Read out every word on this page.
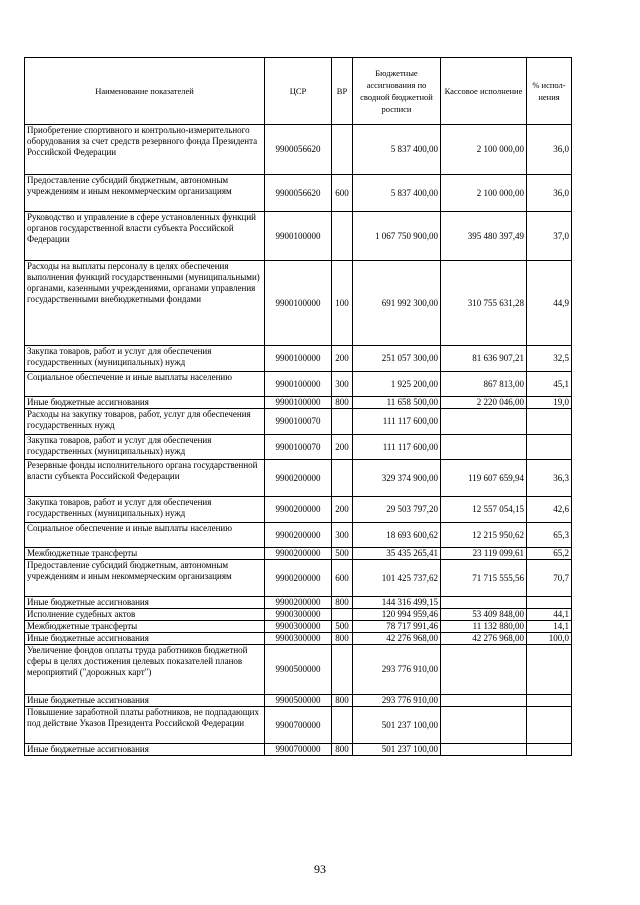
Наименование показателей	ЦСР	ВР	Бюджетные ассигнования по сводной бюджетной росписи	Кассовое исполнение	% испол-нения
Приобретение спортивного и контрольно-измерительного оборудования за счет средств резервного фонда Президента Российской Федерации	9900056620		5 837 400,00	2 100 000,00	36,0
Предоставление субсидий бюджетным, автономным учреждениям и иным некоммерческим организациям	9900056620	600	5 837 400,00	2 100 000,00	36,0
Руководство и управление в сфере установленных функций органов государственной власти субъекта Российской Федерации	9900100000		1 067 750 900,00	395 480 397,49	37,0
Расходы на выплаты персоналу в целях обеспечения выполнения функций государственными (муниципальными) органами, казенными учреждениями, органами управления государственными внебюджетными фондами	9900100000	100	691 992 300,00	310 755 631,28	44,9
Закупка товаров, работ и услуг для обеспечения государственных (муниципальных) нужд	9900100000	200	251 057 300,00	81 636 907,21	32,5
Социальное обеспечение и иные выплаты населению	9900100000	300	1 925 200,00	867 813,00	45,1
Иные бюджетные ассигнования	9900100000	800	11 658 500,00	2 220 046,00	19,0
Расходы на закупку товаров, работ, услуг для обеспечения государственных нужд	9900100070		111 117 600,00		
Закупка товаров, работ и услуг для обеспечения государственных (муниципальных) нужд	9900100070	200	111 117 600,00		
Резервные фонды исполнительного органа государственной власти субъекта Российской Федерации	9900200000		329 374 900,00	119 607 659,94	36,3
Закупка товаров, работ и услуг для обеспечения государственных (муниципальных) нужд	9900200000	200	29 503 797,20	12 557 054,15	42,6
Социальное обеспечение и иные выплаты населению	9900200000	300	18 693 600,62	12 215 950,62	65,3
Межбюджетные трансферты	9900200000	500	35 435 265,41	23 119 099,61	65,2
Предоставление субсидий бюджетным, автономным учреждениям и иным некоммерческим организациям	9900200000	600	101 425 737,62	71 715 555,56	70,7
Иные бюджетные ассигнования	9900200000	800	144 316 499,15		
Исполнение судебных актов	9900300000		120 994 959,46	53 409 848,00	44,1
Межбюджетные трансферты	9900300000	500	78 717 991,46	11 132 880,00	14,1
Иные бюджетные ассигнования	9900300000	800	42 276 968,00	42 276 968,00	100,0
Увеличение фондов оплаты труда работников бюджетной сферы в целях достижения целевых показателей планов мероприятий ("дорожных карт")	9900500000		293 776 910,00		
Иные бюджетные ассигнования	9900500000	800	293 776 910,00		
Повышение заработной платы работников, не подпадающих под действие Указов Президента Российской Федерации	9900700000		501 237 100,00		
Иные бюджетные ассигнования	9900700000	800	501 237 100,00		
93
